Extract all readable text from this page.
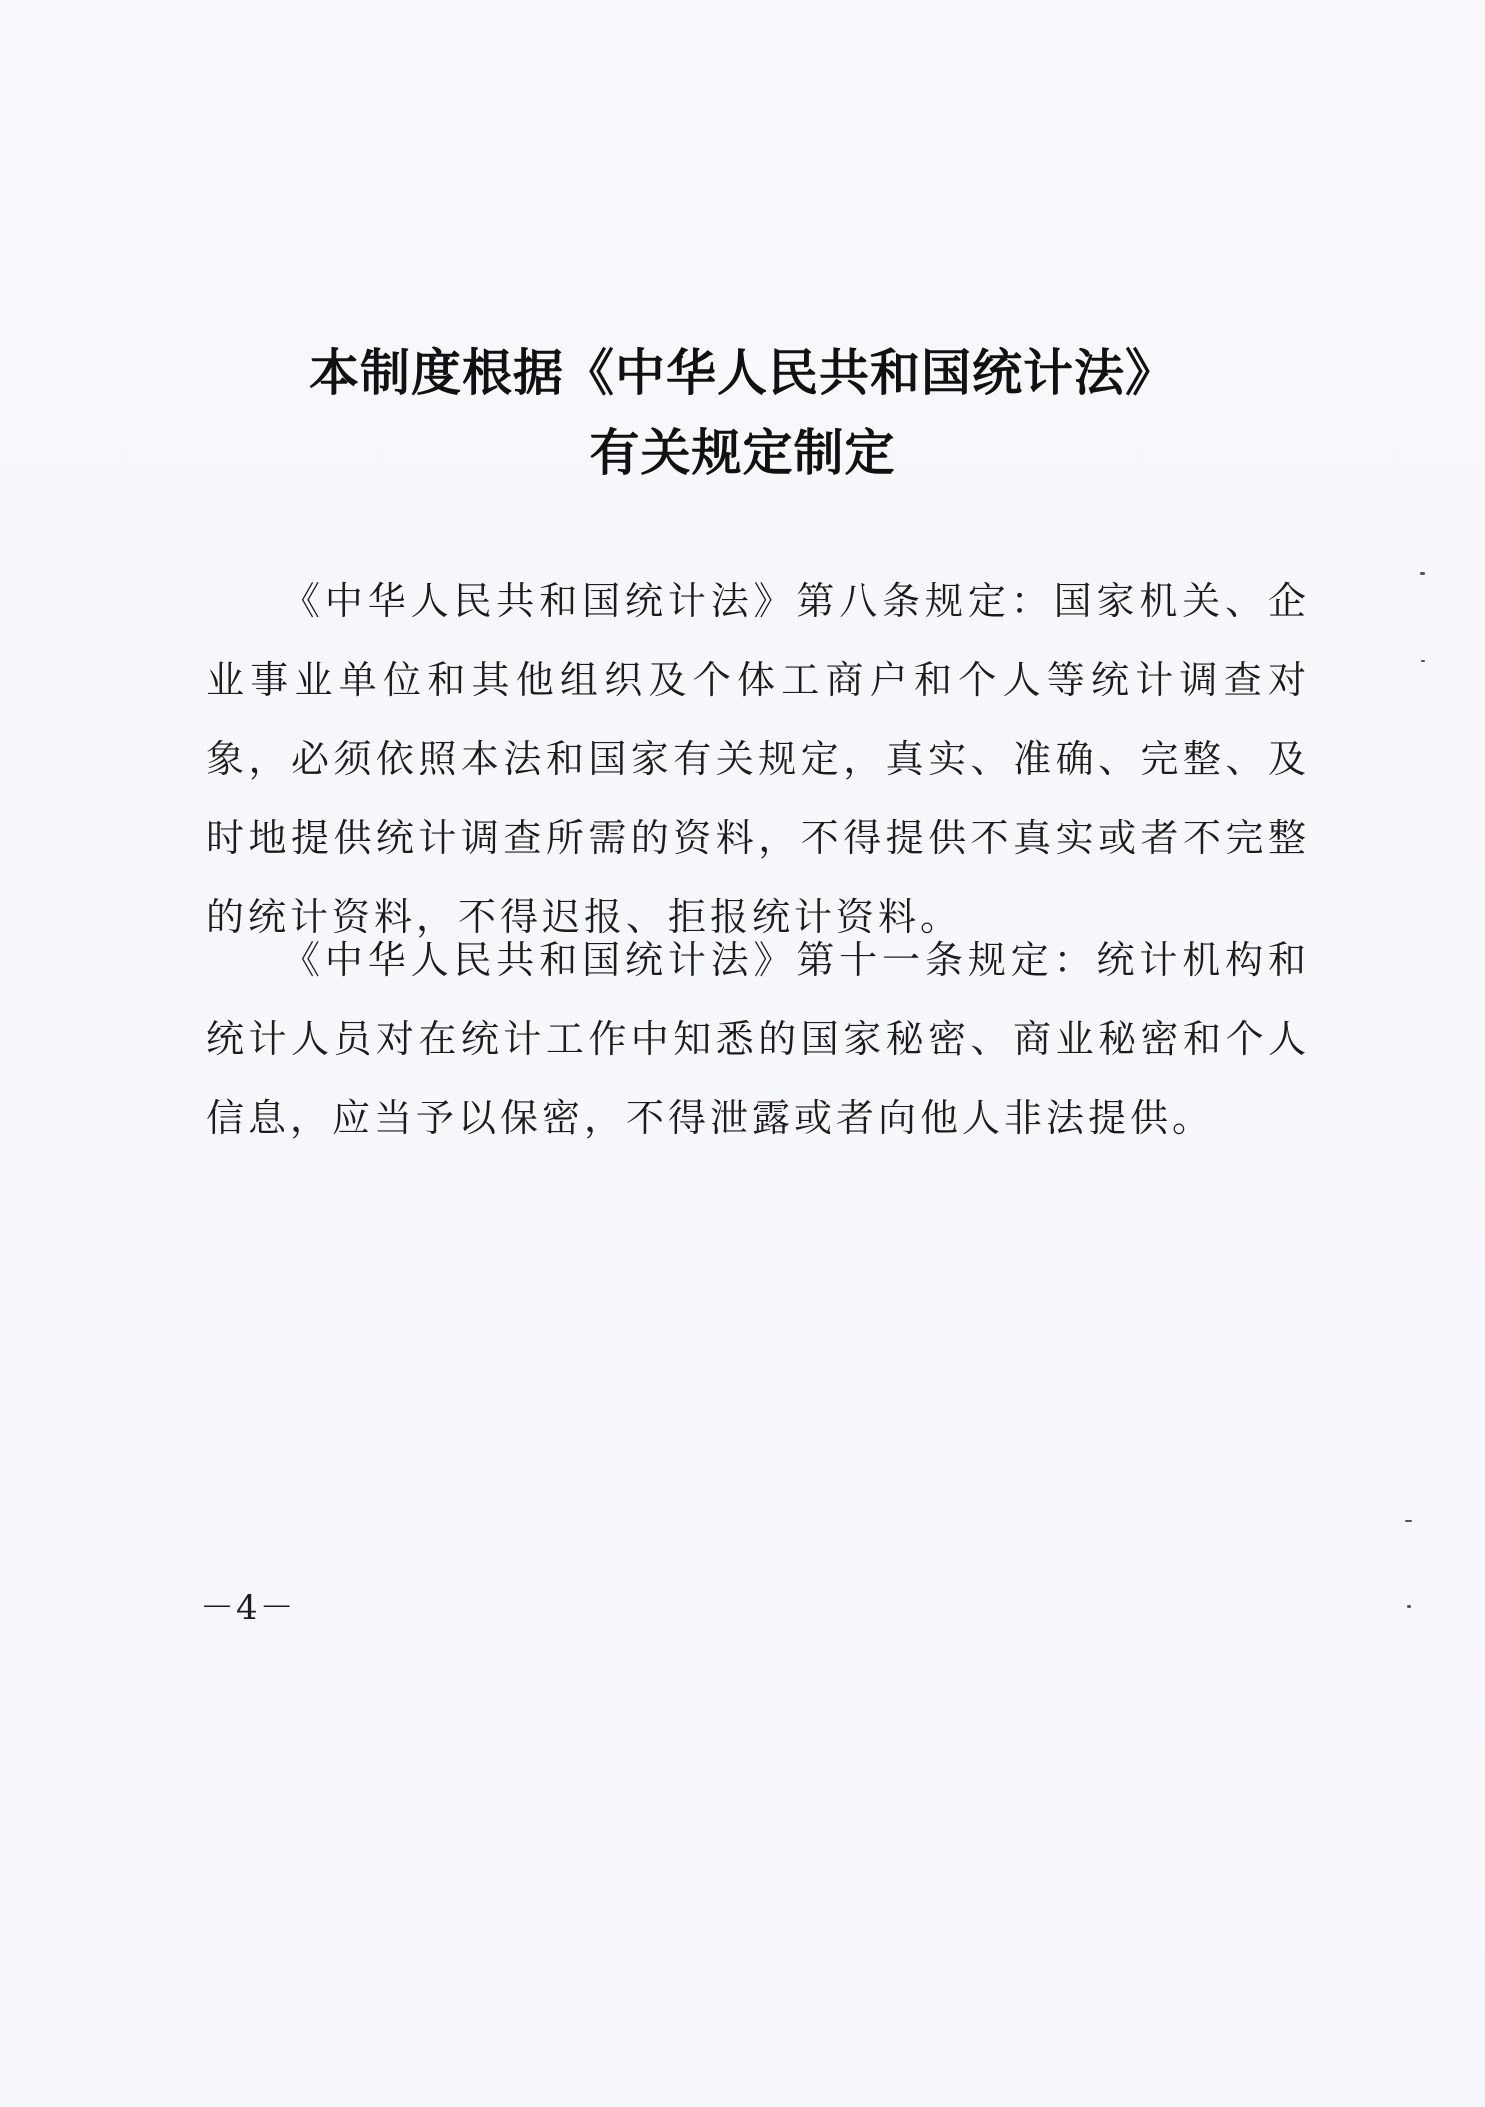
本制度根据《中华人民共和国统计法》
有关规定制定

《中华人民共和国统计法》第八条规定：国家机关、企业事业单位和其他组织及个体工商户和个人等统计调查对象，必须依照本法和国家有关规定，真实、准确、完整、及时地提供统计调查所需的资料，不得提供不真实或者不完整的统计资料，不得迟报、拒报统计资料。

《中华人民共和国统计法》第十一条规定：统计机构和统计人员对在统计工作中知悉的国家秘密、商业秘密和个人信息，应当予以保密，不得泄露或者向他人非法提供。

－4－
